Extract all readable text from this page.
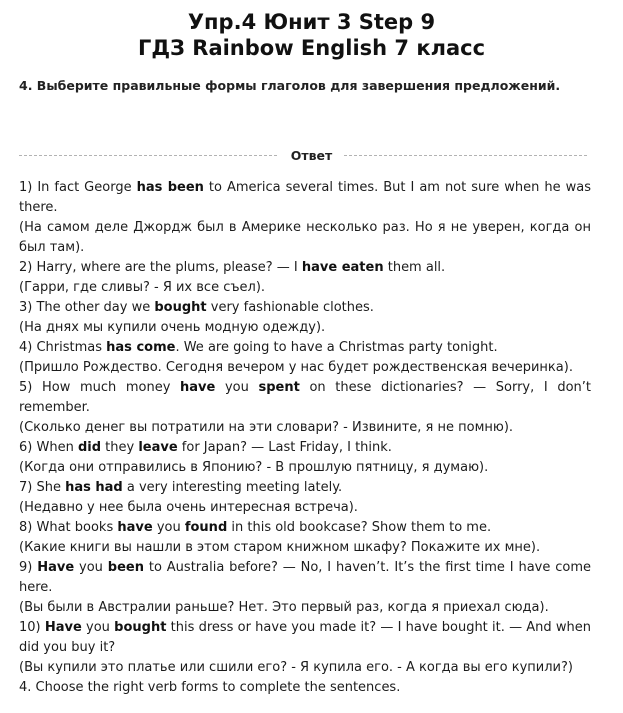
Упр.4 Юнит 3 Step 9
ГДЗ Rainbow English 7 класс
4. Выберите правильные формы глаголов для завершения предложений.
Ответ

1) In fact George has been to America several times. But I am not sure when he was there.

(На самом деле Джордж был в Америке несколько раз. Но я не уверен, когда он был там).

2) Harry, where are the plums, please? — I have eaten them all.

(Гарри, где сливы? - Я их все съел).

3) The other day we bought very fashionable clothes.

(На днях мы купили очень модную одежду).

4) Christmas has come. We are going to have a Christmas party tonight.

(Пришло Рождество. Сегодня вечером у нас будет рождественская вечеринка).

5) How much money have you spent on these dictionaries? — Sorry, I don’t remember.

(Сколько денег вы потратили на эти словари? - Извините, я не помню).

6) When did they leave for Japan? — Last Friday, I think.

(Когда они отправились в Японию? - В прошлую пятницу, я думаю).

7) She has had a very interesting meeting lately.

(Недавно у нее была очень интересная встреча).

8) What books have you found in this old bookcase? Show them to me.

(Какие книги вы нашли в этом старом книжном шкафу? Покажите их мне).

9) Have you been to Australia before? — No, I haven’t. It’s the first time I have come here.

(Вы были в Австралии раньше? Нет. Это первый раз, когда я приехал сюда).

10) Have you bought this dress or have you made it? — I have bought it. — And when did you buy it?

(Вы купили это платье или сшили его? - Я купила его. - А когда вы его купили?)

4. Choose the right verb forms to complete the sentences.
